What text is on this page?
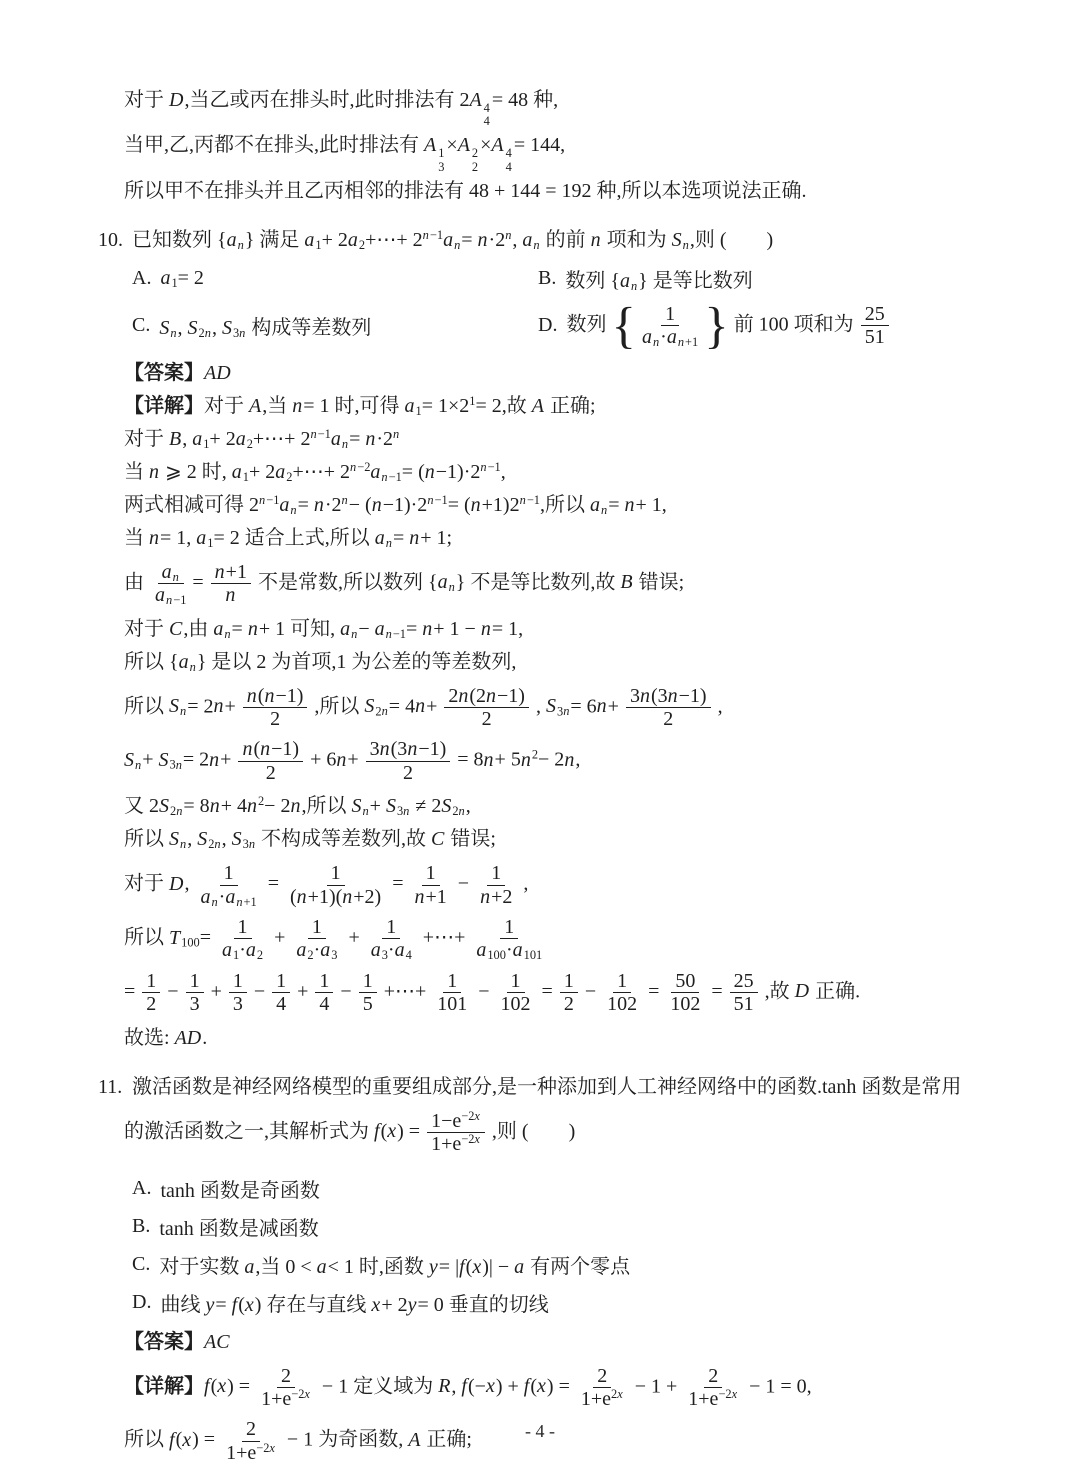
对于 D,当乙或丙在排头时,此时排法有 2A 4
4
= 48 种,
当甲,乙,丙都不在排头,此时排法有 A 1
3
×A 2
2
×A 4
4
= 144,
所以甲不在排头并且乙丙相邻的排法有 48 + 144 = 192 种,所以本选项说法正确.
10. 已知数列 $\{a_n\}$ 满足 $a_1+$ $2a_2+\cdots+ 2^{n-1}a_n= n\cdot 2^n$, $a_n$ 的前 n 项和为 $S_n$,则 (　　)
A. $a_1= 2$	B. 数列 $\{a_n\}$ 是等比数列
C. $S_n$, $S_{2n}$, $S_{3n}$ 构成等差数列	D. 数列 { $\frac{1}{a_n\cdot a_{n+1}}$ } 前 100 项和为 $\frac{25}{51}$
【答案】AD
【详解】对于 A,当 n= 1 时,可得 $a_1= 1\times 2^1= 2$,故 A 正确;
对于 B, $a_1+$ $2a_2+\cdots+ 2^{n-1}a_n= n\cdot 2^n$
当 n ⩾ 2 时, $a_1+$ $2a_2+\cdots+ 2^{n-2}a_{n-1}= (n-1)\cdot 2^{n-1}$,
两式相减可得 $2^{n-1}a_n= n\cdot 2^n- (n-1)\cdot 2^{n-1}= (n+1)2^{n-1}$,所以 $a_n= n+ 1$,
当 n= 1, $a_1= 2$ 适合上式,所以 $a_n= n+ 1$;
由 $\frac{a_n}{a_{n-1}} = \frac{n+1}{n}$ 不是常数,所以数列 $\{a_n\}$ 不是等比数列,故 B 错误;
对于 C,由 $a_n= n+ 1$ 可知, $a_n- a_{n-1}= n+ 1 - n= 1$,
所以 $\{a_n\}$ 是以 2 为首项,1 为公差的等差数列,
所以 $S_n= 2n+ \frac{n(n-1)}{2}$ ,所以 $S_{2n}= 4n+ \frac{2n(2n-1)}{2}$ , $S_{3n}= 6n+ \frac{3n(3n-1)}{2}$ ,
$S_n+ S_{3n}= 2n+ \frac{n(n-1)}{2} + 6n+ \frac{3n(3n-1)}{2} = 8n+ 5n^2- 2n$,
又 $2S_{2n}= 8n+ 4n^2- 2n$,所以 $S_n+ S_{3n} \ne 2S_{2n}$,
所以 $S_n$, $S_{2n}$, $S_{3n}$ 不构成等差数列,故 C 错误;
对于 D, $\frac{1}{a_n\cdot a_{n+1}} = \frac{1}{(n+1)(n+2)} = \frac{1}{n+1} - \frac{1}{n+2}$ ,
所以 $T_{100}= \frac{1}{a_1\cdot a_2} + \frac{1}{a_2\cdot a_3} + \frac{1}{a_3\cdot a_4}$ +⋯+ $\frac{1}{a_{100}\cdot a_{101}}$
= $\frac{1}{2} - \frac{1}{3} + \frac{1}{3} - \frac{1}{4} + \frac{1}{4} - \frac{1}{5}$ +⋯+ $\frac{1}{101} - \frac{1}{102} = \frac{1}{2} - \frac{1}{102} = \frac{50}{102} = \frac{25}{51}$ ,故 D 正确.
故选: AD.
11. 激活函数是神经网络模型的重要组成部分,是一种添加到人工神经网络中的函数.tanh 函数是常用
的激活函数之一,其解析式为 $f(x) = \frac{1-e^{-2x}}{1+e^{-2x}}$ ,则 (　　)
A. tanh 函数是奇函数
B. tanh 函数是减函数
C. 对于实数 a,当 0 < a< 1 时,函数 y= |f(x)| − a 有两个零点
D. 曲线 y= f(x) 存在与直线 x+ 2y= 0 垂直的切线
【答案】AC
【详解】$f(x) = \frac{2}{1+e^{-2x}} - 1$ 定义域为 R, $f(-x) + f(x) = \frac{2}{1+e^{2x}} - 1 + \frac{2}{1+e^{-2x}} - 1 = 0$,
所以 $f(x) = \frac{2}{1+e^{-2x}} - 1$ 为奇函数, A 正确;	- 4 -
